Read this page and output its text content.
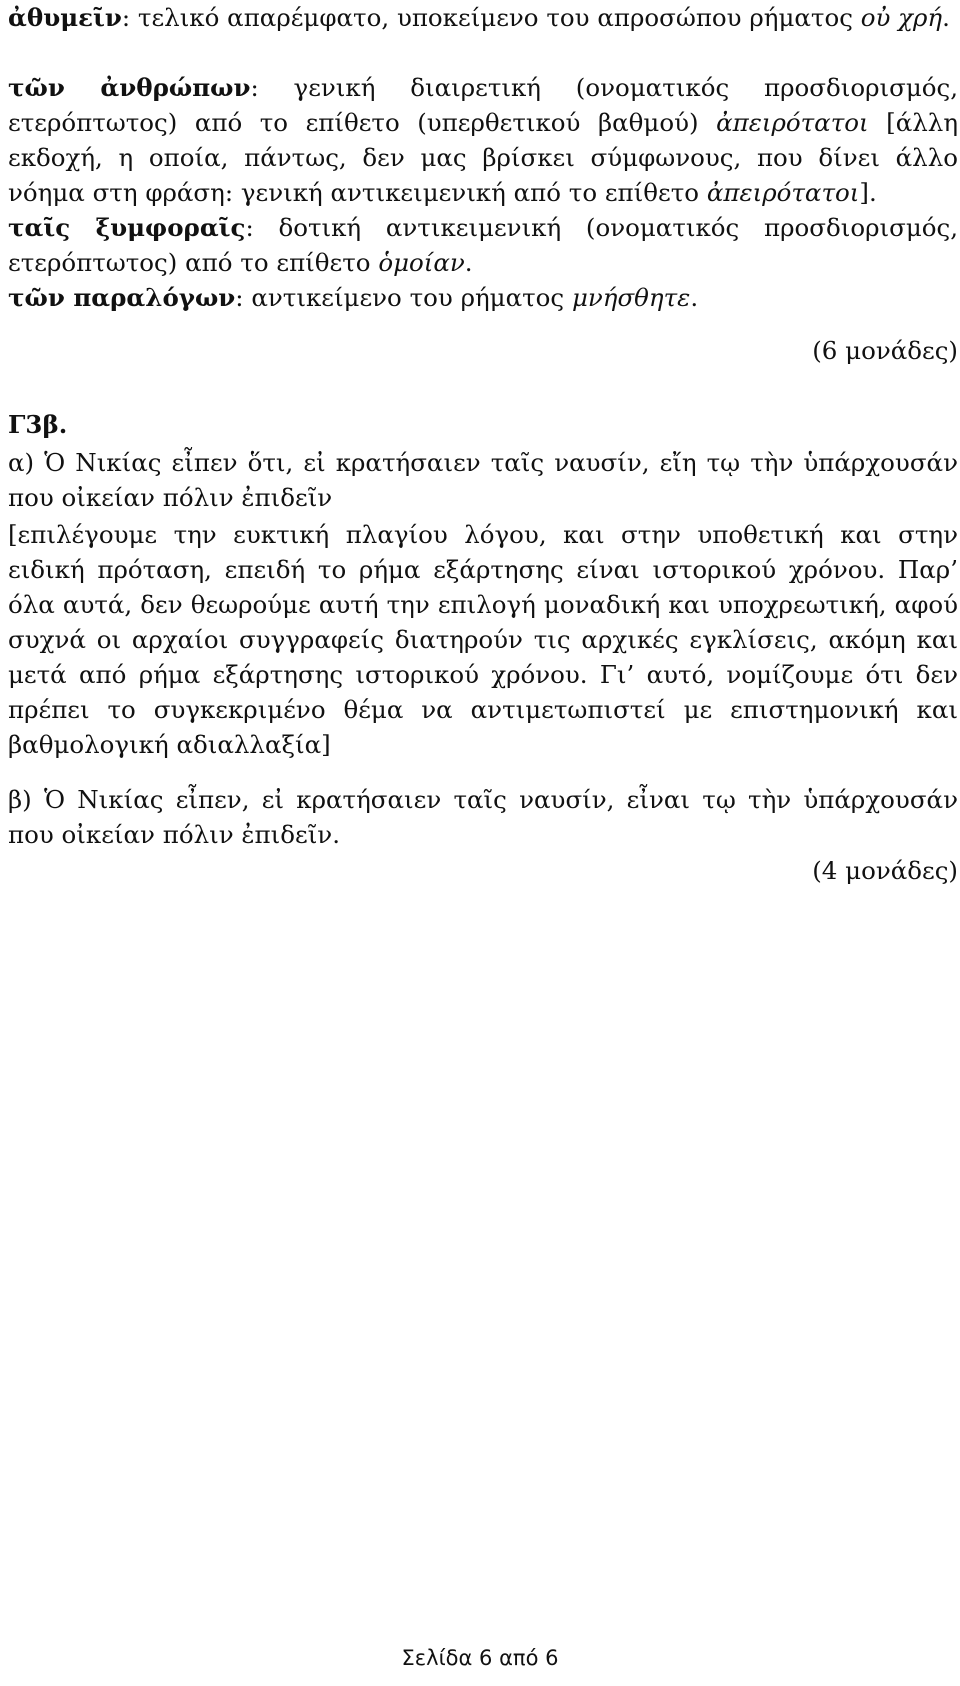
ἀθυμεῖν: τελικό απαρέμφατο, υποκείμενο του απροσώπου ρήματος οὐ χρή.

τῶν ἀνθρώπων: γενική διαιρετική (ονοματικός προσδιορισμός, ετερόπτωτος) από το επίθετο (υπερθετικού βαθμού) ἀπειρότατοι [άλλη εκδοχή, η οποία, πάντως, δεν μας βρίσκει σύμφωνους, που δίνει άλλο νόημα στη φράση: γενική αντικειμενική από το επίθετο ἀπειρότατοι].

ταῖς ξυμφοραῖς: δοτική αντικειμενική (ονοματικός προσδιορισμός, ετερόπτωτος) από το επίθετο ὁμοίαν.

τῶν παραλόγων: αντικείμενο του ρήματος μνήσθητε.

(6 μονάδες)

Γ3β.

α) Ὁ Νικίας εἶπεν ὅτι, εἰ κρατήσαιεν ταῖς ναυσίν, εἴη τῳ τὴν ὑπάρχουσάν που οἰκείαν πόλιν ἐπιδεῖν

[επιλέγουμε την ευκτική πλαγίου λόγου, και στην υποθετική και στην ειδική πρόταση, επειδή το ρήμα εξάρτησης είναι ιστορικού χρόνου. Παρ’ όλα αυτά, δεν θεωρούμε αυτή την επιλογή μοναδική και υποχρεωτική, αφού συχνά οι αρχαίοι συγγραφείς διατηρούν τις αρχικές εγκλίσεις, ακόμη και μετά από ρήμα εξάρτησης ιστορικού χρόνου. Γι’ αυτό, νομίζουμε ότι δεν πρέπει το συγκεκριμένο θέμα να αντιμετωπιστεί με επιστημονική και βαθμολογική αδιαλλαξία]

β) Ὁ Νικίας εἶπεν, εἰ κρατήσαιεν ταῖς ναυσίν, εἶναι τῳ τὴν ὑπάρχουσάν που οἰκείαν πόλιν ἐπιδεῖν.

(4 μονάδες)

Σελίδα 6 από 6
